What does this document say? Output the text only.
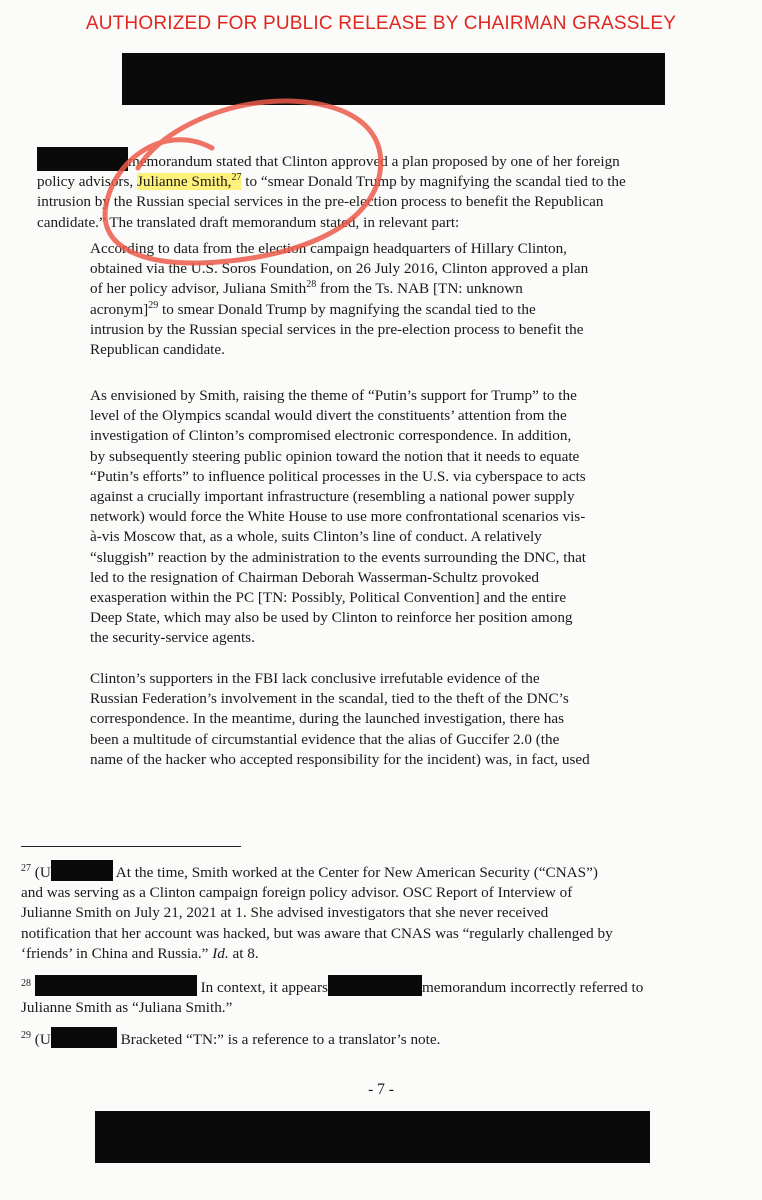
AUTHORIZED FOR PUBLIC RELEASE BY CHAIRMAN GRASSLEY
memorandum stated that Clinton approved a plan proposed by one of her foreign
policy advisors, Julianne Smith,$^{27}$ to “smear Donald Trump by magnifying the scandal tied to the
intrusion by the Russian special services in the pre-election process to benefit the Republican
candidate.” The translated draft memorandum stated, in relevant part:
According to data from the election campaign headquarters of Hillary Clinton,
obtained via the U.S. Soros Foundation, on 26 July 2016, Clinton approved a plan
of her policy advisor, Juliana Smith$^{28}$ from the Ts. NAB [TN: unknown
acronym]$^{29}$ to smear Donald Trump by magnifying the scandal tied to the
intrusion by the Russian special services in the pre-election process to benefit the
Republican candidate.
As envisioned by Smith, raising the theme of “Putin’s support for Trump” to the
level of the Olympics scandal would divert the constituents’ attention from the
investigation of Clinton’s compromised electronic correspondence. In addition,
by subsequently steering public opinion toward the notion that it needs to equate
“Putin’s efforts” to influence political processes in the U.S. via cyberspace to acts
against a crucially important infrastructure (resembling a national power supply
network) would force the White House to use more confrontational scenarios vis-
à-vis Moscow that, as a whole, suits Clinton’s line of conduct. A relatively
“sluggish” reaction by the administration to the events surrounding the DNC, that
led to the resignation of Chairman Deborah Wasserman-Schultz provoked
exasperation within the PC [TN: Possibly, Political Convention] and the entire
Deep State, which may also be used by Clinton to reinforce her position among
the security-service agents.
Clinton’s supporters in the FBI lack conclusive irrefutable evidence of the
Russian Federation’s involvement in the scandal, tied to the theft of the DNC’s
correspondence. In the meantime, during the launched investigation, there has
been a multitude of circumstantial evidence that the alias of Guccifer 2.0 (the
name of the hacker who accepted responsibility for the incident) was, in fact, used
$^{27}$ (U	At the time, Smith worked at the Center for New American Security (“CNAS”)
and was serving as a Clinton campaign foreign policy advisor. OSC Report of Interview of
Julianne Smith on July 21, 2021 at 1. She advised investigators that she never received
notification that her account was hacked, but was aware that CNAS was “regularly challenged by
‘friends’ in China and Russia.” Id. at 8.
$^{28}$	In context, it appears	memorandum incorrectly referred to
Julianne Smith as “Juliana Smith.”
$^{29}$ (U	Bracketed “TN:” is a reference to a translator’s note.
- 7 -
